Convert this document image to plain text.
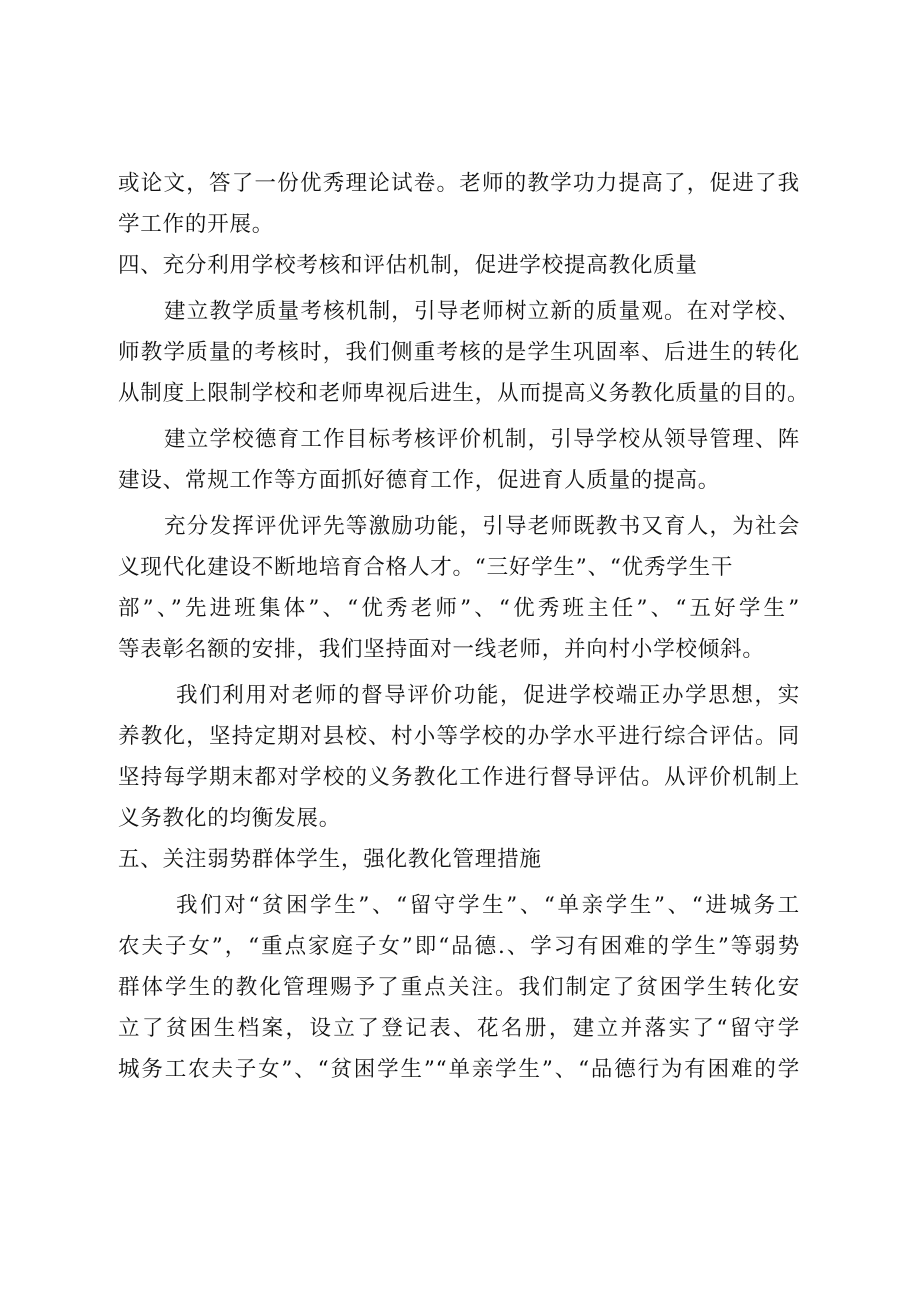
或论文，答了一份优秀理论试卷。老师的教学功力提高了，促进了我
学工作的开展。
四、充分利用学校考核和评估机制，促进学校提高教化质量
建立教学质量考核机制，引导老师树立新的质量观。在对学校、
师教学质量的考核时，我们侧重考核的是学生巩固率、后进生的转化
从制度上限制学校和老师卑视后进生，从而提高义务教化质量的目的。
建立学校德育工作目标考核评价机制，引导学校从领导管理、阵
建设、常规工作等方面抓好德育工作，促进育人质量的提高。
充分发挥评优评先等激励功能，引导老师既教书又育人，为社会
义现代化建设不断地培育合格人才。“三好学生”、“优秀学生干
部”、”先进班集体”、“优秀老师”、“优秀班主任”、“五好学生”
等表彰名额的安排，我们坚持面对一线老师，并向村小学校倾斜。
我们利用对老师的督导评价功能，促进学校端正办学思想，实
养教化，坚持定期对县校、村小等学校的办学水平进行综合评估。同
坚持每学期末都对学校的义务教化工作进行督导评估。从评价机制上
义务教化的均衡发展。
五、关注弱势群体学生，强化教化管理措施
我们对“贫困学生”、“留守学生”、“单亲学生”、“进城务工
农夫子女”，“重点家庭子女”即“品德.、学习有困难的学生”等弱势
群体学生的教化管理赐予了重点关注。我们制定了贫困学生转化安
立了贫困生档案，设立了登记表、花名册，建立并落实了“留守学
城务工农夫子女”、“贫困学生”“单亲学生”、“品德行为有困难的学
